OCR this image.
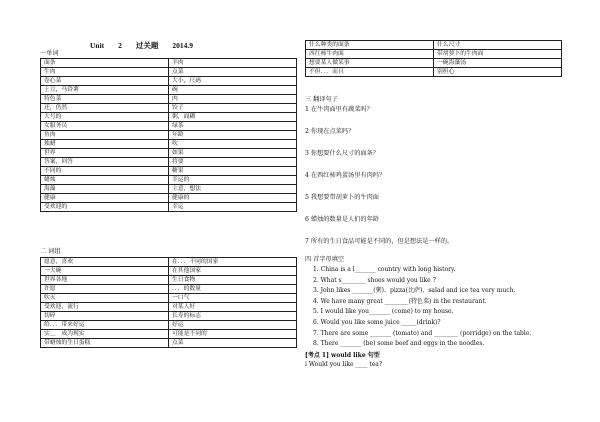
Unit 2 过关题 2014.9
一单词
面条	羊肉
牛肉	点菜
卷心菜	大小，尺码
土豆，马铃薯	碗
特色菜	肉
还，仍然	饺子
大号的	粥，面糊
女服务员	绿茶
鱼肉	年龄
烛蜡	吹
世界	如果
答案，回答	将要
不同的	糖果
蜡烛	幸运的
海藻	主意，想法
健康	健康的
受欢迎的	幸运
二 词组
愿意，喜欢	在．．．不同的国家
一大碗	在其他国家
世界各地	生日食物
许愿	．．．的数量
吹灭	一口气
受欢迎，流行	对某人好
切碎	长寿的标志
给．．．带来好运	好运
实＿　成为现实	可能是不同的
带蜡烛的生日蛋糕	点菜
什么种类的面条	什么尺寸
西红柿牛肉面	带胡萝卜的牛肉面
想要某人做某事	一碗海藻汤
不但．．．而且	别担心
三 翻译句子
1 在牛肉面里有蔬菜吗？
2 你现在点菜吗？
3 你想要什么尺寸的面条？
4 在西红柿鸡蛋汤里有肉吗？
5 我想要带胡萝卜的牛肉面
6 蜡烛的数量是人们的年龄
7 所有的生日食品可能是不同的，但是想法是一样的。
四 首字母填空
1. China is a l_______ country with long history.
2. What s________ shoes would you like ?
3. John likes _______(粥)、pizza(比萨)、salad and ice tea very much.
4. We have many great ________(特色菜) in the restaurant.
5. I would like you_______ (come) to my house.
6. Would you like some juice _____(drink)?
7. There are some _______ (tomato) and ________ (porridge) on the table.
8. There _______ (be) some beef and eggs in the noodles.
[考点 1] would like 句型
ⅰ Would you like ____ tea?
